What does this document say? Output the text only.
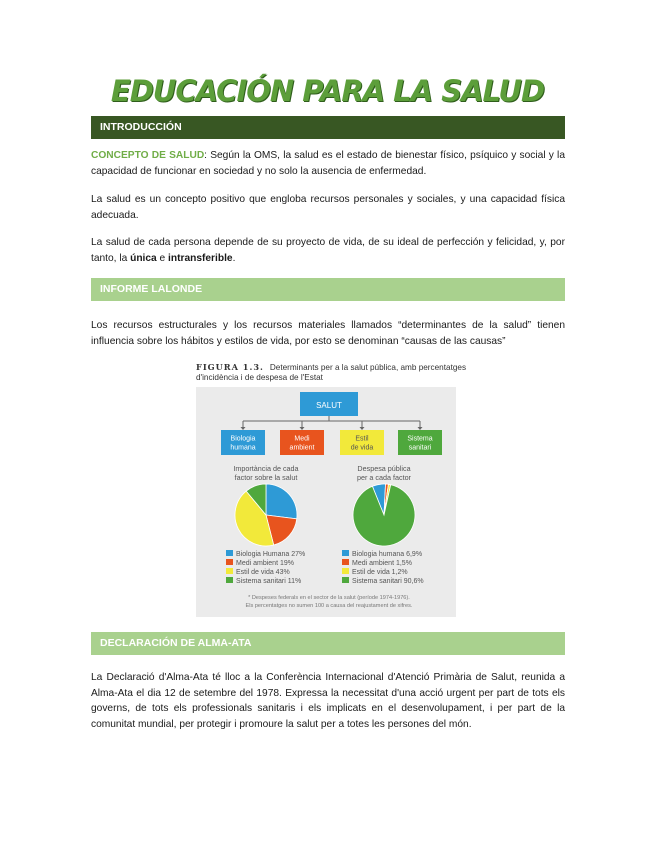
EDUCACIÓN PARA LA SALUD
INTRODUCCIÓN

CONCEPTO DE SALUD: Según la OMS, la salud es el estado de bienestar físico, psíquico y social y la capacidad de funcionar en sociedad y no solo la ausencia de enfermedad.

La salud es un concepto positivo que engloba recursos personales y sociales, y una capacidad física adecuada.

La salud de cada persona depende de su proyecto de vida, de su ideal de perfección y felicidad, y, por tanto, la única e intransferible.

INFORME LALONDE

Los recursos estructurales y los recursos materiales llamados “determinantes de la salud” tienen influencia sobre los hábitos y estilos de vida, por esto se denominan “causas de las causas”

FIGURA 1.3. Determinants per a la salut pública, amb percentatges d'incidència i de despesa de l'Estat
SALUT
Biologia
humana
Medi
ambient
Estil
de vida
Sistema
sanitari
Importància de cada
factor sobre la salut
Despesa pública
per a cada factor
Biologia Humana 27%
Medi ambient 19%
Estil de vida 43%
Sistema sanitari 11%
Biologia humana 6,9%
Medi ambient 1,5%
Estil de vida 1,2%
Sistema sanitari 90,6%
* Despeses federals en el sector de la salut (període 1974-1976).
Els percentatges no sumen 100 a causa del reajustament de xifres.
DECLARACIÓN DE ALMA-ATA

La Declaració d'Alma-Ata té lloc a la Conferència Internacional d'Atenció Primària de Salut, reunida a Alma-Ata el dia 12 de setembre del 1978. Expressa la necessitat d'una acció urgent per part de tots els governs, de tots els professionals sanitaris i els implicats en el desenvolupament, i per part de la comunitat mundial, per protegir i promoure la salut per a totes les persones del món.
